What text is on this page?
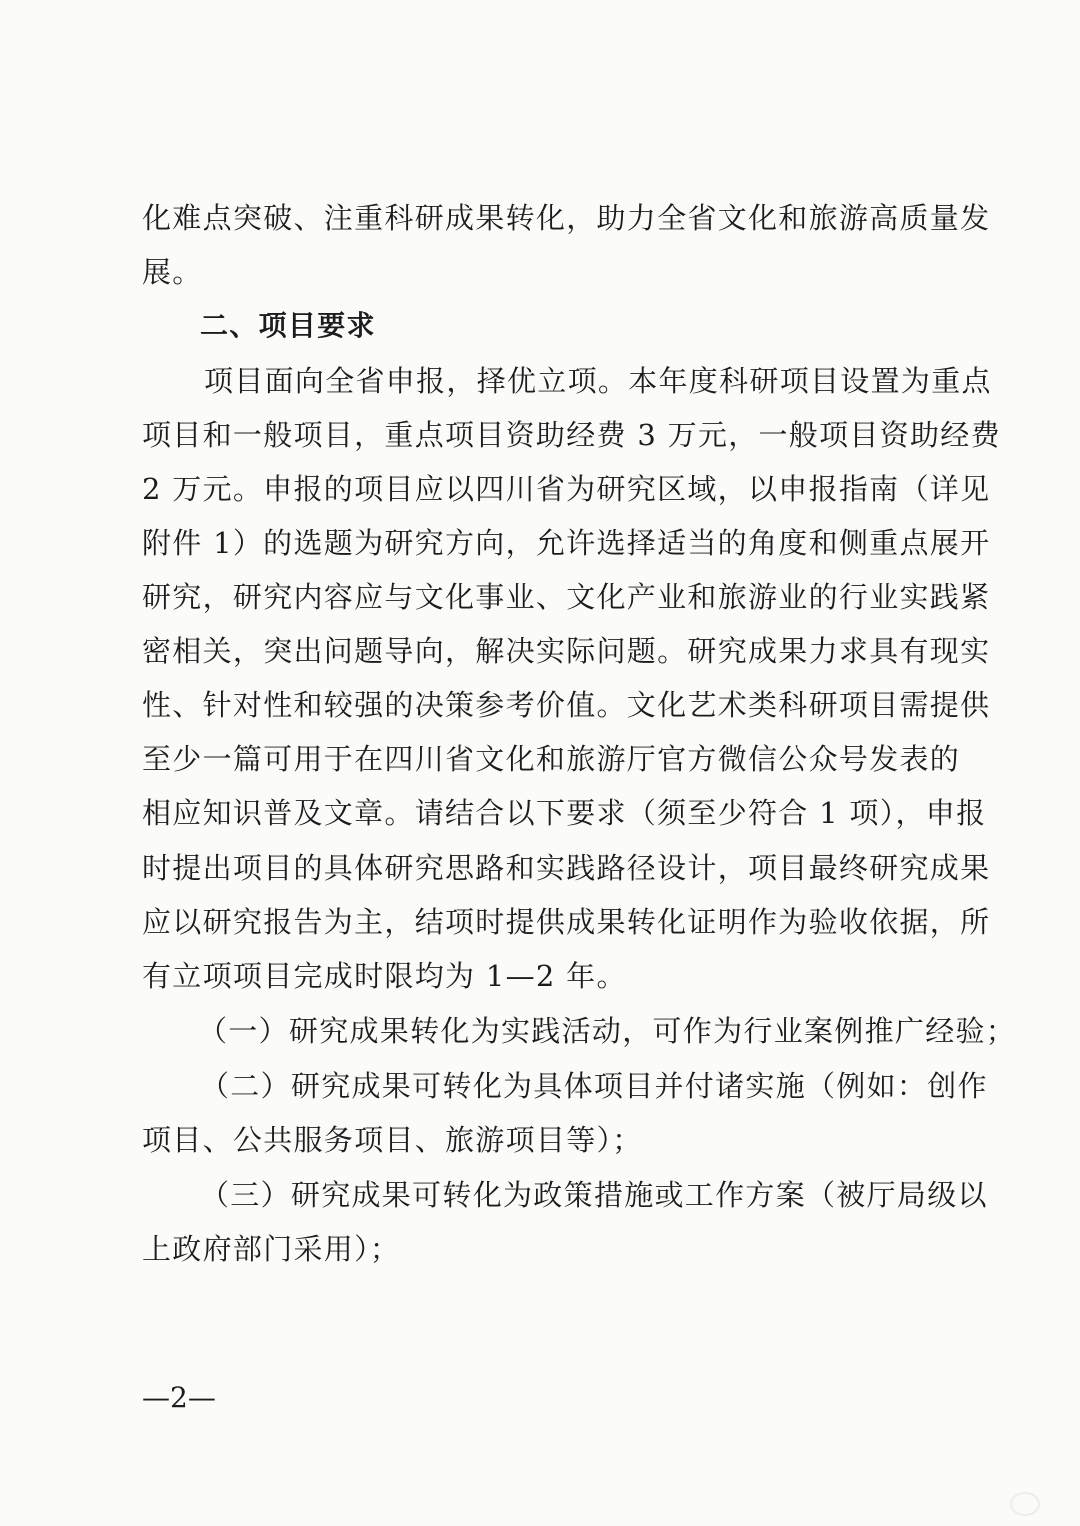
化难点突破、注重科研成果转化，助力全省文化和旅游高质量发
展。
二、项目要求
项目面向全省申报，择优立项。本年度科研项目设置为重点
项目和一般项目，重点项目资助经费 3 万元，一般项目资助经费
2 万元。申报的项目应以四川省为研究区域，以申报指南（详见
附件 1）的选题为研究方向，允许选择适当的角度和侧重点展开
研究，研究内容应与文化事业、文化产业和旅游业的行业实践紧
密相关，突出问题导向，解决实际问题。研究成果力求具有现实
性、针对性和较强的决策参考价值。文化艺术类科研项目需提供
至少一篇可用于在四川省文化和旅游厅官方微信公众号发表的
相应知识普及文章。请结合以下要求（须至少符合 1 项），申报
时提出项目的具体研究思路和实践路径设计，项目最终研究成果
应以研究报告为主，结项时提供成果转化证明作为验收依据，所
有立项项目完成时限均为 1—2 年。
（一）研究成果转化为实践活动，可作为行业案例推广经验；
（二）研究成果可转化为具体项目并付诸实施（例如：创作
项目、公共服务项目、旅游项目等）；
（三）研究成果可转化为政策措施或工作方案（被厅局级以
上政府部门采用）；
—2—
